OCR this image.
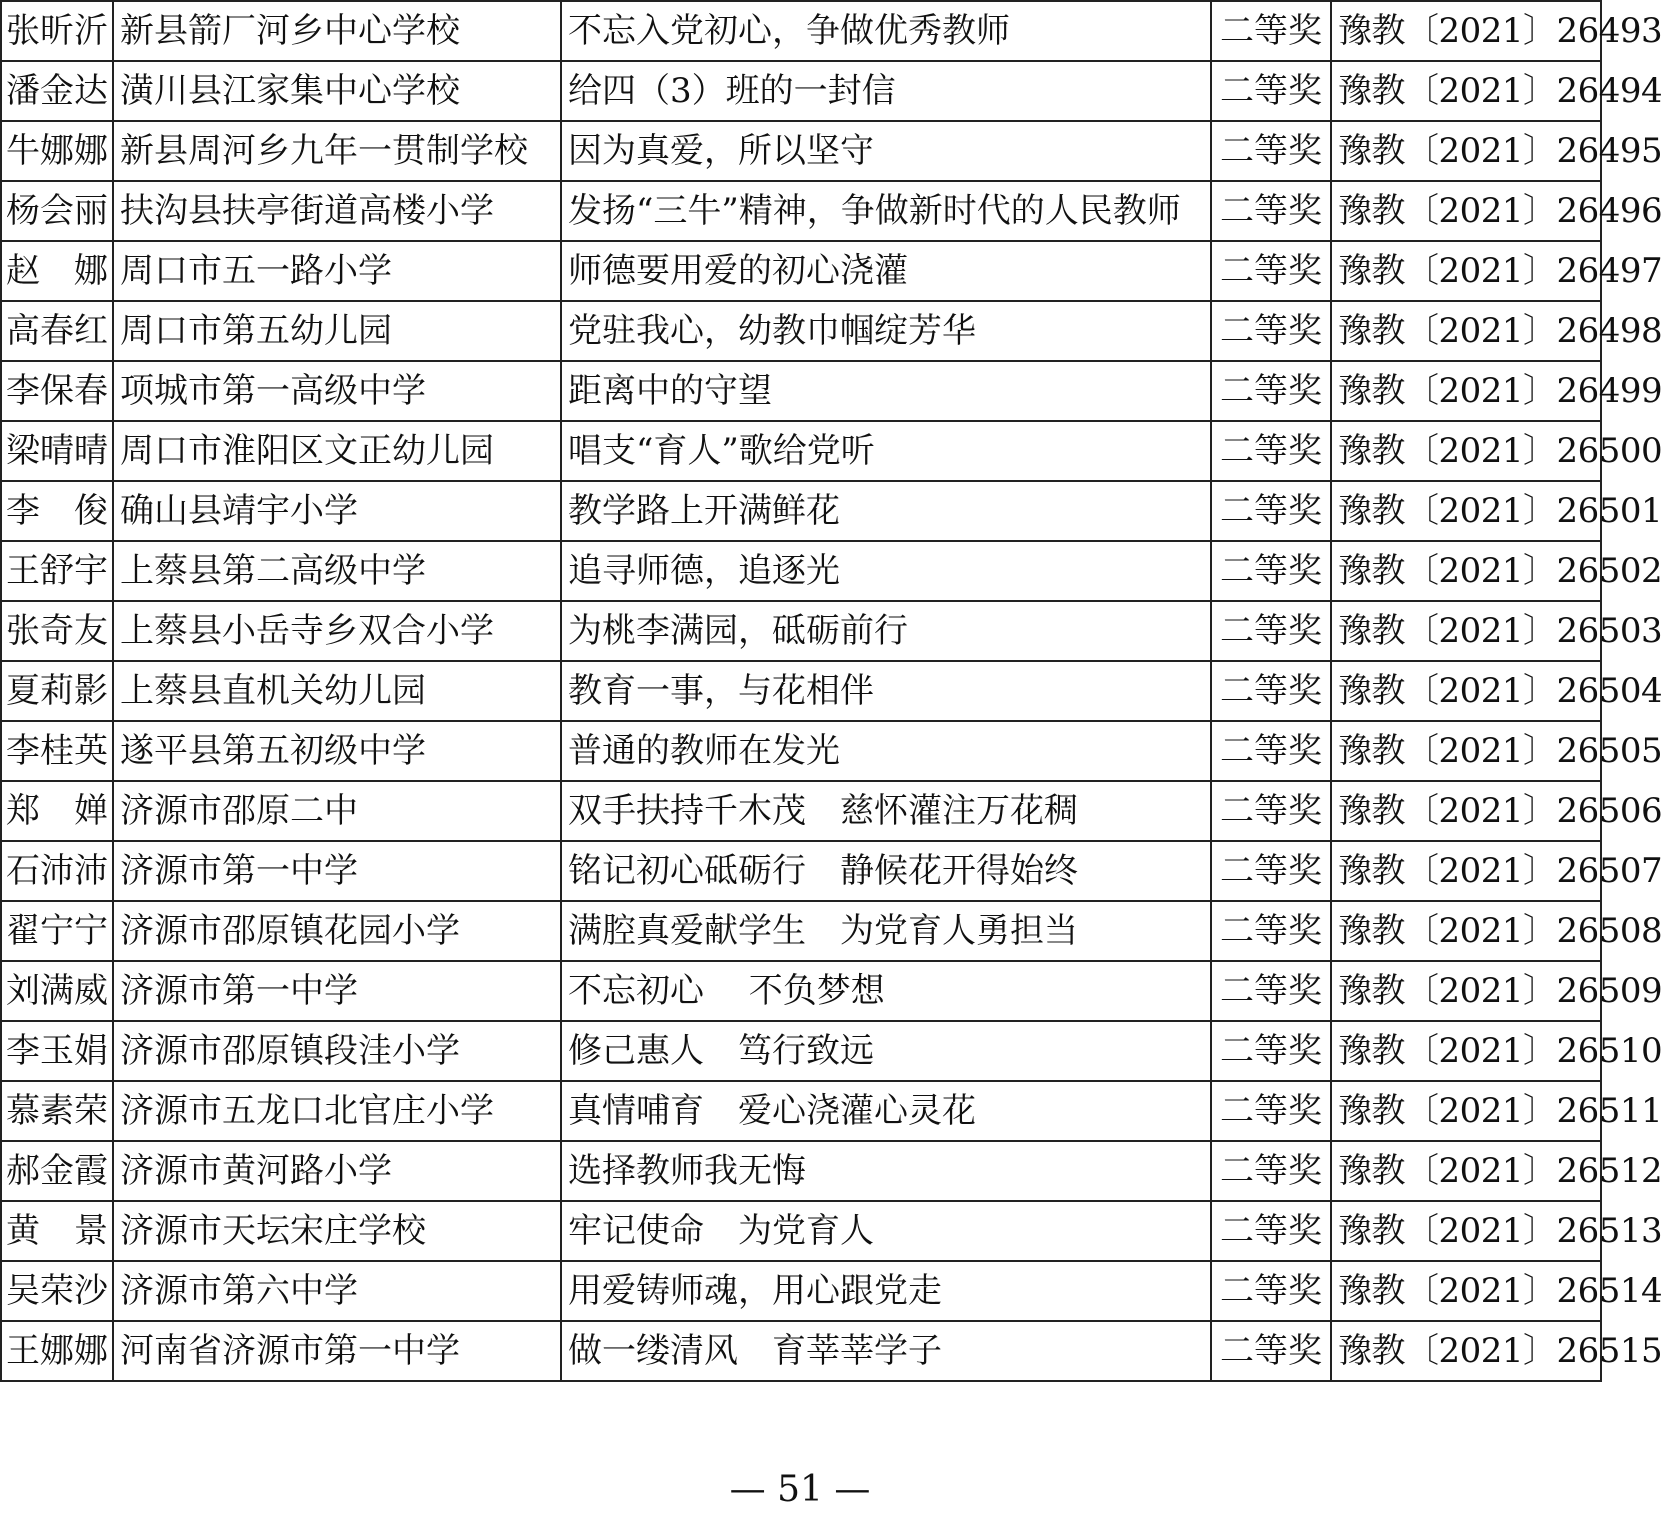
张昕沂	新县箭厂河乡中心学校	不忘入党初心，争做优秀教师	二等奖	豫教〔2021〕26493
潘金达	潢川县江家集中心学校	给四（3）班的一封信	二等奖	豫教〔2021〕26494
牛娜娜	新县周河乡九年一贯制学校	因为真爱，所以坚守	二等奖	豫教〔2021〕26495
杨会丽	扶沟县扶亭街道高楼小学	发扬“三牛”精神，争做新时代的人民教师	二等奖	豫教〔2021〕26496
赵　娜	周口市五一路小学	师德要用爱的初心浇灌	二等奖	豫教〔2021〕26497
高春红	周口市第五幼儿园	党驻我心，幼教巾帼绽芳华	二等奖	豫教〔2021〕26498
李保春	项城市第一高级中学	距离中的守望	二等奖	豫教〔2021〕26499
梁晴晴	周口市淮阳区文正幼儿园	唱支“育人”歌给党听	二等奖	豫教〔2021〕26500
李　俊	确山县靖宇小学	教学路上开满鲜花	二等奖	豫教〔2021〕26501
王舒宇	上蔡县第二高级中学	追寻师德，追逐光	二等奖	豫教〔2021〕26502
张奇友	上蔡县小岳寺乡双合小学	为桃李满园，砥砺前行	二等奖	豫教〔2021〕26503
夏莉影	上蔡县直机关幼儿园	教育一事，与花相伴	二等奖	豫教〔2021〕26504
李桂英	遂平县第五初级中学	普通的教师在发光	二等奖	豫教〔2021〕26505
郑　婵	济源市邵原二中	双手扶持千木茂　慈怀灌注万花稠	二等奖	豫教〔2021〕26506
石沛沛	济源市第一中学	铭记初心砥砺行　静候花开得始终	二等奖	豫教〔2021〕26507
翟宁宁	济源市邵原镇花园小学	满腔真爱献学生　为党育人勇担当	二等奖	豫教〔2021〕26508
刘满威	济源市第一中学	不忘初心　 不负梦想	二等奖	豫教〔2021〕26509
李玉娟	济源市邵原镇段洼小学	修己惠人　笃行致远	二等奖	豫教〔2021〕26510
慕素荣	济源市五龙口北官庄小学	真情哺育　爱心浇灌心灵花	二等奖	豫教〔2021〕26511
郝金霞	济源市黄河路小学	选择教师我无悔	二等奖	豫教〔2021〕26512
黄　景	济源市天坛宋庄学校	牢记使命　为党育人	二等奖	豫教〔2021〕26513
吴荣沙	济源市第六中学	用爱铸师魂，用心跟党走	二等奖	豫教〔2021〕26514
王娜娜	河南省济源市第一中学	做一缕清风　育莘莘学子	二等奖	豫教〔2021〕26515
— 51 —
